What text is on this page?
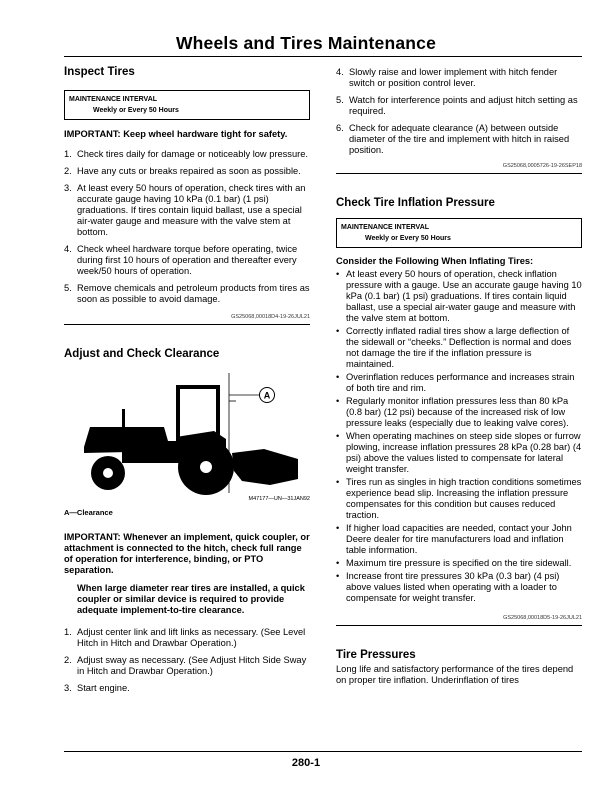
Wheels and Tires Maintenance
Inspect Tires
MAINTENANCE INTERVAL
Weekly or Every 50 Hours
IMPORTANT: Keep wheel hardware tight for safety.
1. Check tires daily for damage or noticeably low pressure.
2. Have any cuts or breaks repaired as soon as possible.
3. At least every 50 hours of operation, check tires with an accurate gauge having 10 kPa (0.1 bar) (1 psi) graduations. If tires contain liquid ballast, use a special air-water gauge and measure with the valve stem at bottom.
4. Check wheel hardware torque before operating, twice during first 10 hours of operation and thereafter every week/50 hours of operation.
5. Remove chemicals and petroleum products from tires as soon as possible to avoid damage.
GS25068,00018D4-19-26JUL21
Adjust and Check Clearance
A
M47177—UN—31JAN92
A—Clearance
IMPORTANT: Whenever an implement, quick coupler, or attachment is connected to the hitch, check full range of operation for interference, binding, or PTO separation.
When large diameter rear tires are installed, a quick coupler or similar device is required to provide adequate implement-to-tire clearance.
1. Adjust center link and lift links as necessary. (See Level Hitch in Hitch and Drawbar Operation.)
2. Adjust sway as necessary. (See Adjust Hitch Side Sway in Hitch and Drawbar Operation.)
3. Start engine.
4. Slowly raise and lower implement with hitch fender switch or position control lever.
5. Watch for interference points and adjust hitch setting as required.
6. Check for adequate clearance (A) between outside diameter of the tire and implement with hitch in raised position.
GS25068,0005726-19-26SEP18
Check Tire Inflation Pressure
MAINTENANCE INTERVAL
Weekly or Every 50 Hours
Consider the Following When Inflating Tires:
• At least every 50 hours of operation, check inflation pressure with a gauge. Use an accurate gauge having 10 kPa (0.1 bar) (1 psi) graduations. If tires contain liquid ballast, use a special air-water gauge and measure with the valve stem at bottom.
• Correctly inflated radial tires show a large deflection of the sidewall or “cheeks.” Deflection is normal and does not damage the tire if the inflation pressure is maintained.
• Overinflation reduces performance and increases strain of both tire and rim.
• Regularly monitor inflation pressures less than 80 kPa (0.8 bar) (12 psi) because of the increased risk of low pressure leaks (especially due to leaking valve cores).
• When operating machines on steep side slopes or furrow plowing, increase inflation pressures 28 kPa (0.28 bar) (4 psi) above the values listed to compensate for lateral weight transfer.
• Tires run as singles in high traction conditions sometimes experience bead slip. Increasing the inflation pressure compensates for this condition but causes reduced traction.
• If higher load capacities are needed, contact your John Deere dealer for tire manufacturers load and inflation table information.
• Maximum tire pressure is specified on the tire sidewall.
• Increase front tire pressures 30 kPa (0.3 bar) (4 psi) above values listed when operating with a loader to compensate for weight transfer.
GS25068,00018D5-19-26JUL21
Tire Pressures
Long life and satisfactory performance of the tires depend on proper tire inflation. Underinflation of tires
280-1
